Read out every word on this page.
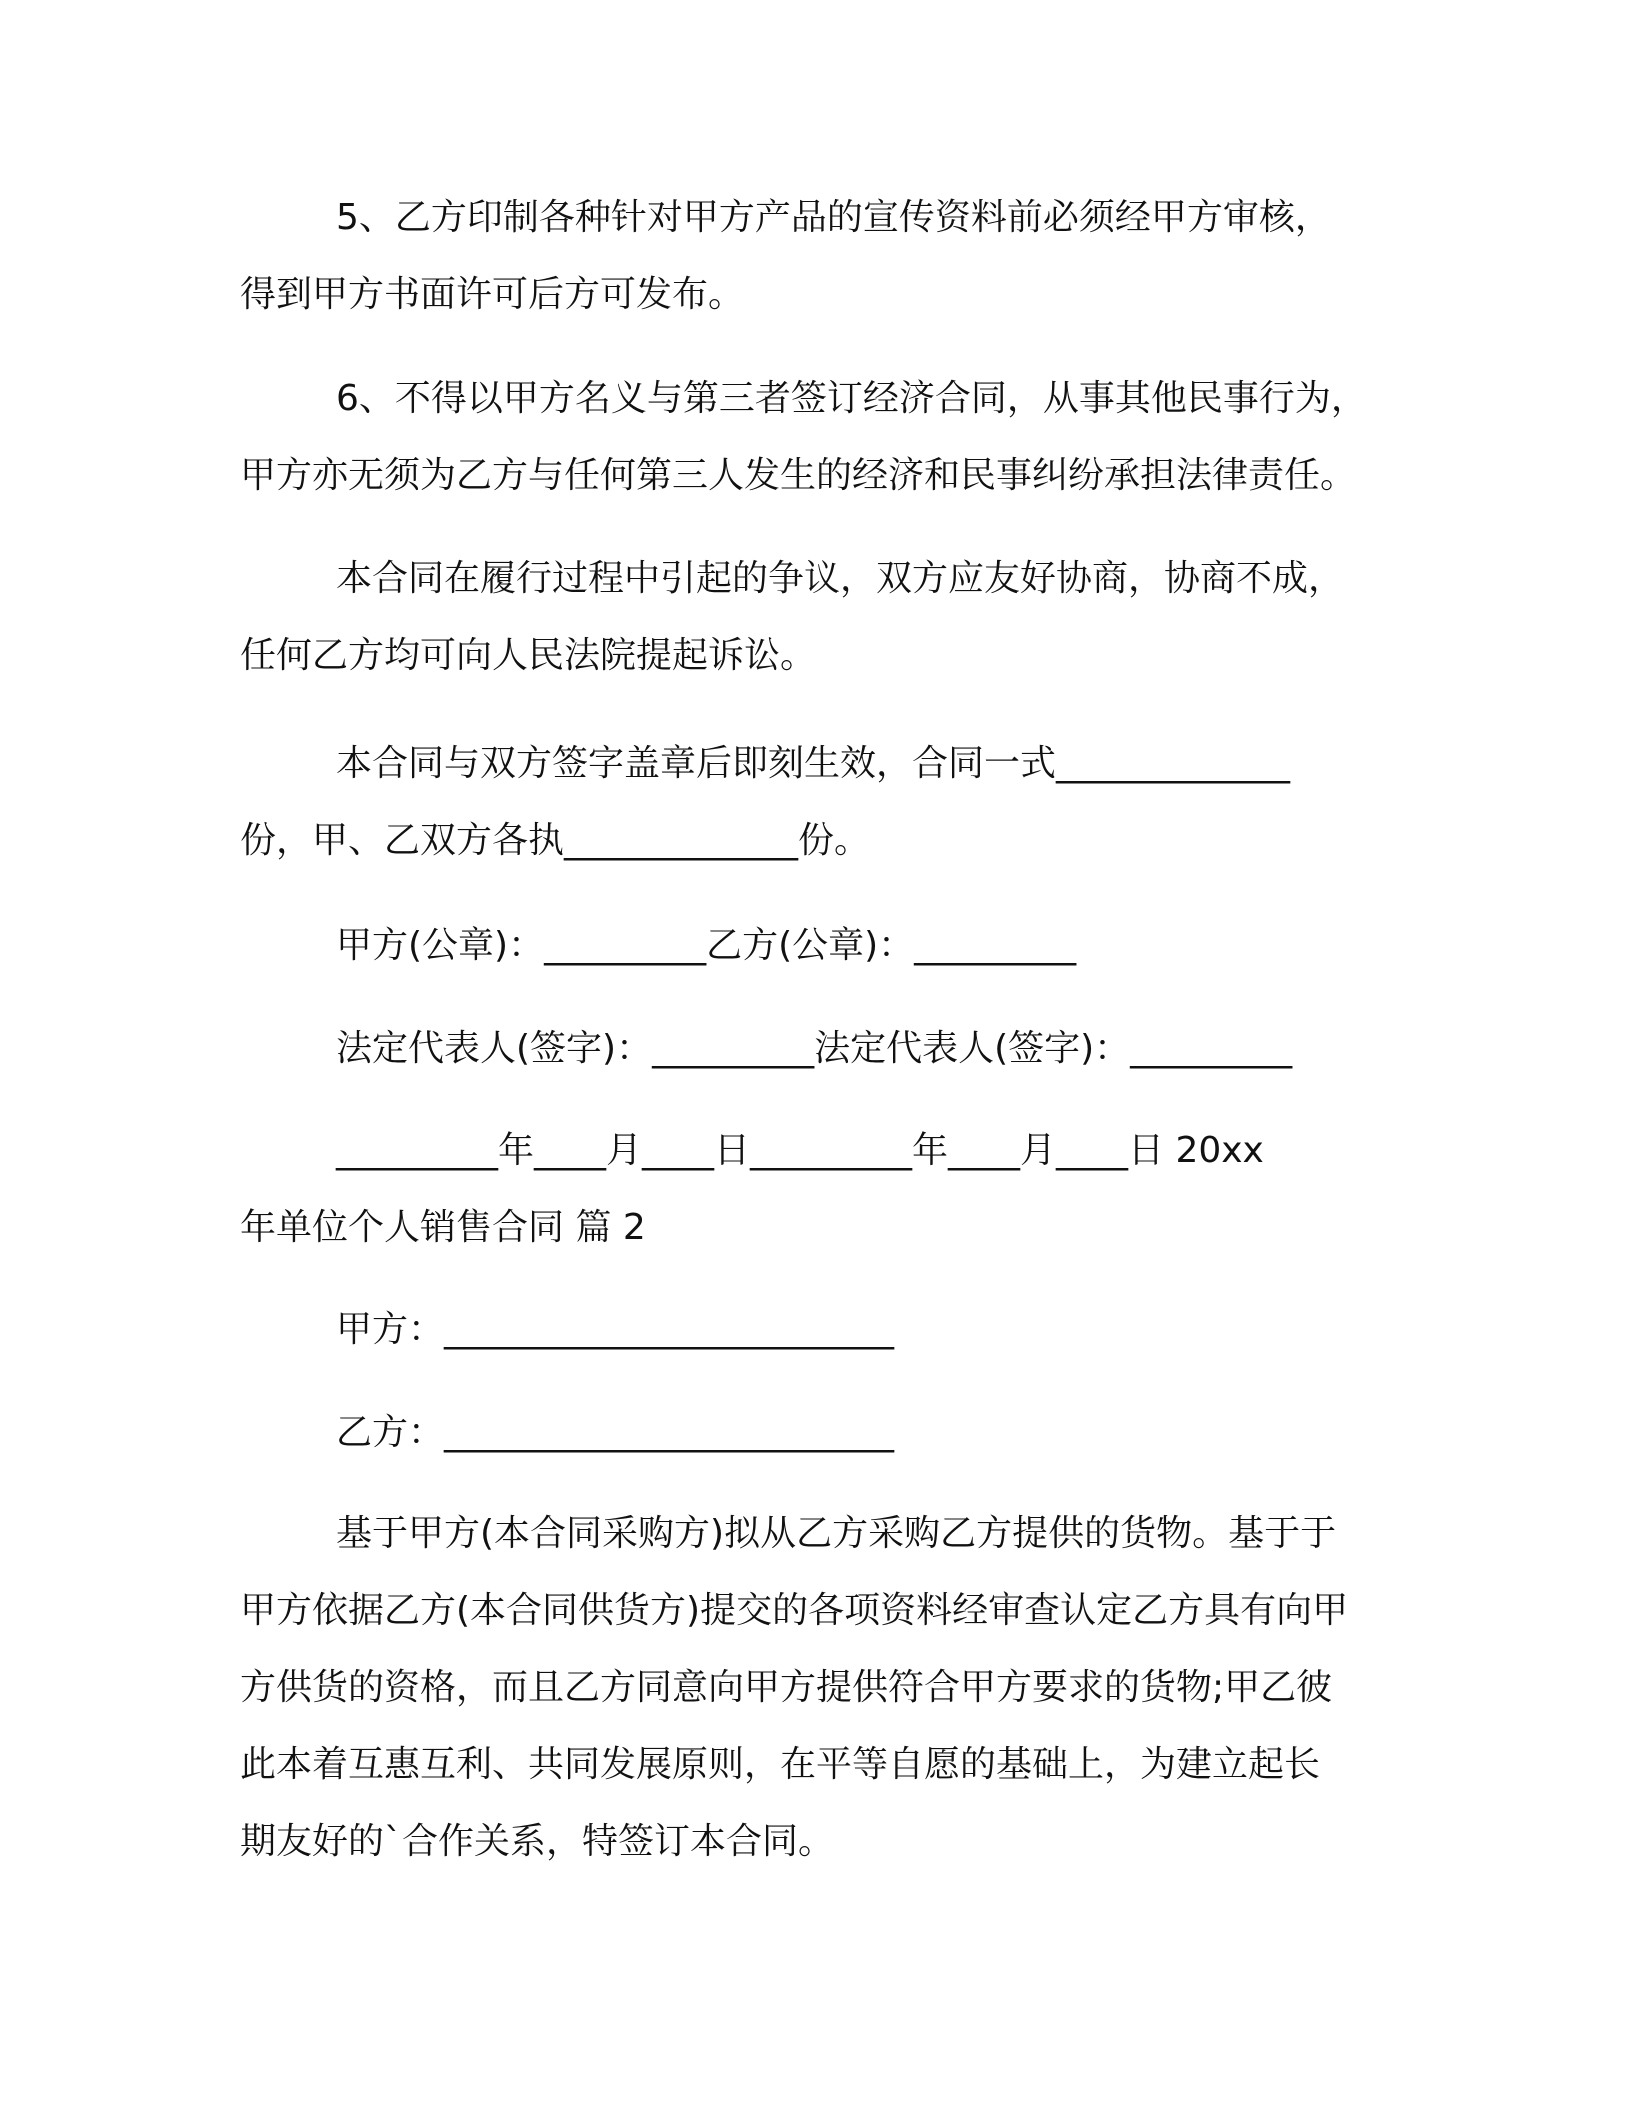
5、乙方印制各种针对甲方产品的宣传资料前必须经甲方审核，
得到甲方书面许可后方可发布。
6、不得以甲方名义与第三者签订经济合同，从事其他民事行为，
甲方亦无须为乙方与任何第三人发生的经济和民事纠纷承担法律责任。
本合同在履行过程中引起的争议，双方应友好协商，协商不成，
任何乙方均可向人民法院提起诉讼。
本合同与双方签字盖章后即刻生效，合同一式_____________
份，甲、乙双方各执_____________份。
甲方(公章)：_________乙方(公章)：_________
法定代表人(签字)：_________法定代表人(签字)：_________
_________年____月____日_________年____月____日 20xx
年单位个人销售合同 篇 2
甲方：_________________________
乙方：_________________________
基于甲方(本合同采购方)拟从乙方采购乙方提供的货物。基于于
甲方依据乙方(本合同供货方)提交的各项资料经审查认定乙方具有向甲
方供货的资格，而且乙方同意向甲方提供符合甲方要求的货物;甲乙彼
此本着互惠互利、共同发展原则，在平等自愿的基础上，为建立起长
期友好的`合作关系，特签订本合同。
